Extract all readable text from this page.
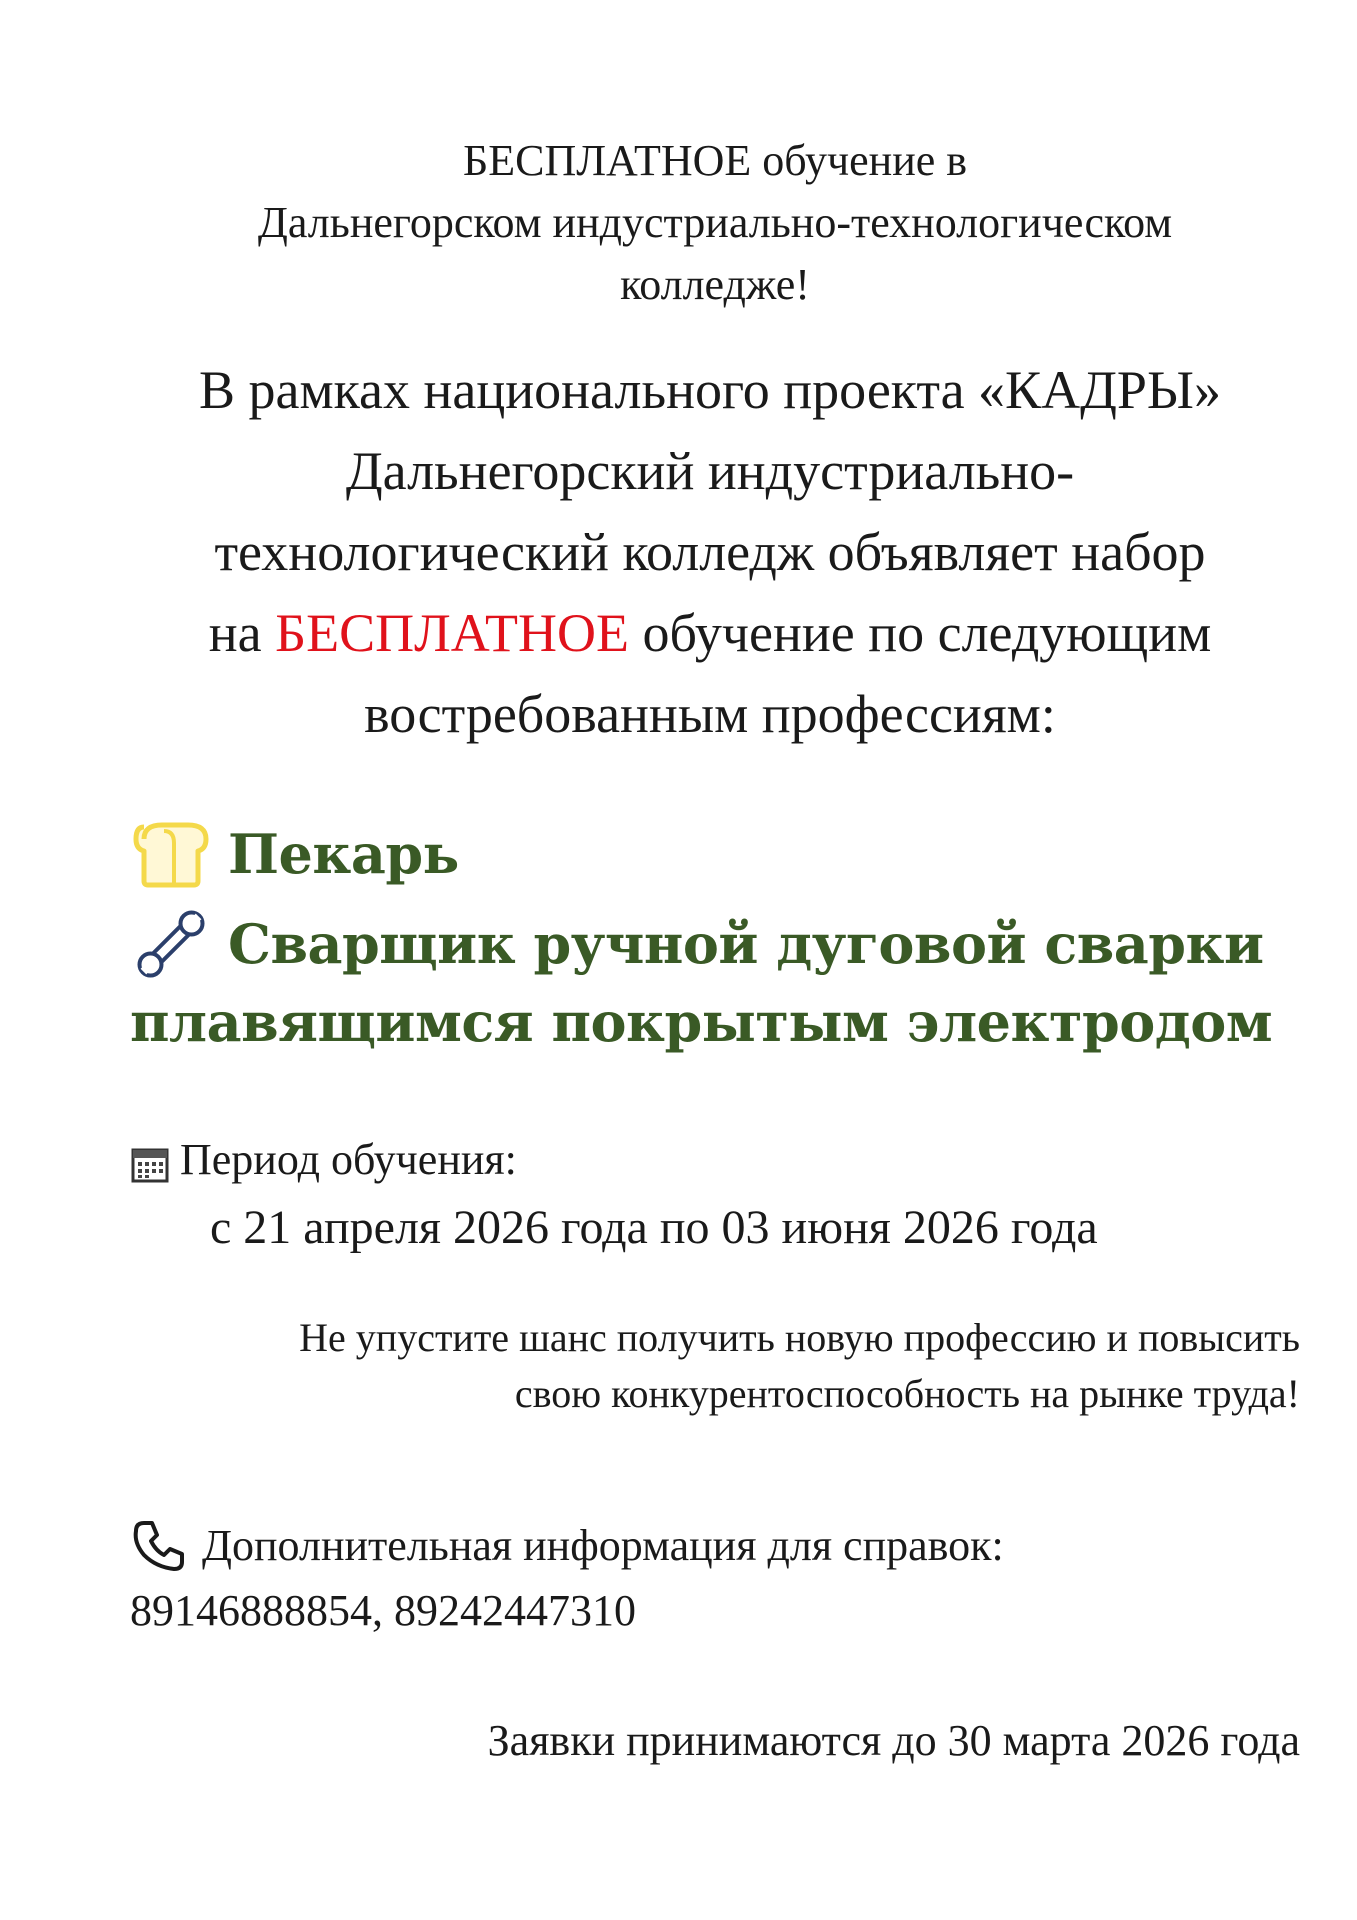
БЕСПЛАТНОЕ обучение в
Дальнегорском индустриально-технологическом
колледже!
В рамках национального проекта «КАДРЫ»
Дальнегорский индустриально-
технологический колледж объявляет набор
на БЕСПЛАТНОЕ обучение по следующим
востребованным профессиям:
Пекарь
Сварщик ручной дуговой сварки
плавящимся покрытым электродом
Период обучения:
с 21 апреля 2026 года по 03 июня 2026 года
Не упустите шанс получить новую профессию и повысить
свою конкурентоспособность на рынке труда!
Дополнительная информация для справок:
89146888854, 89242447310
Заявки принимаются до 30 марта 2026 года
